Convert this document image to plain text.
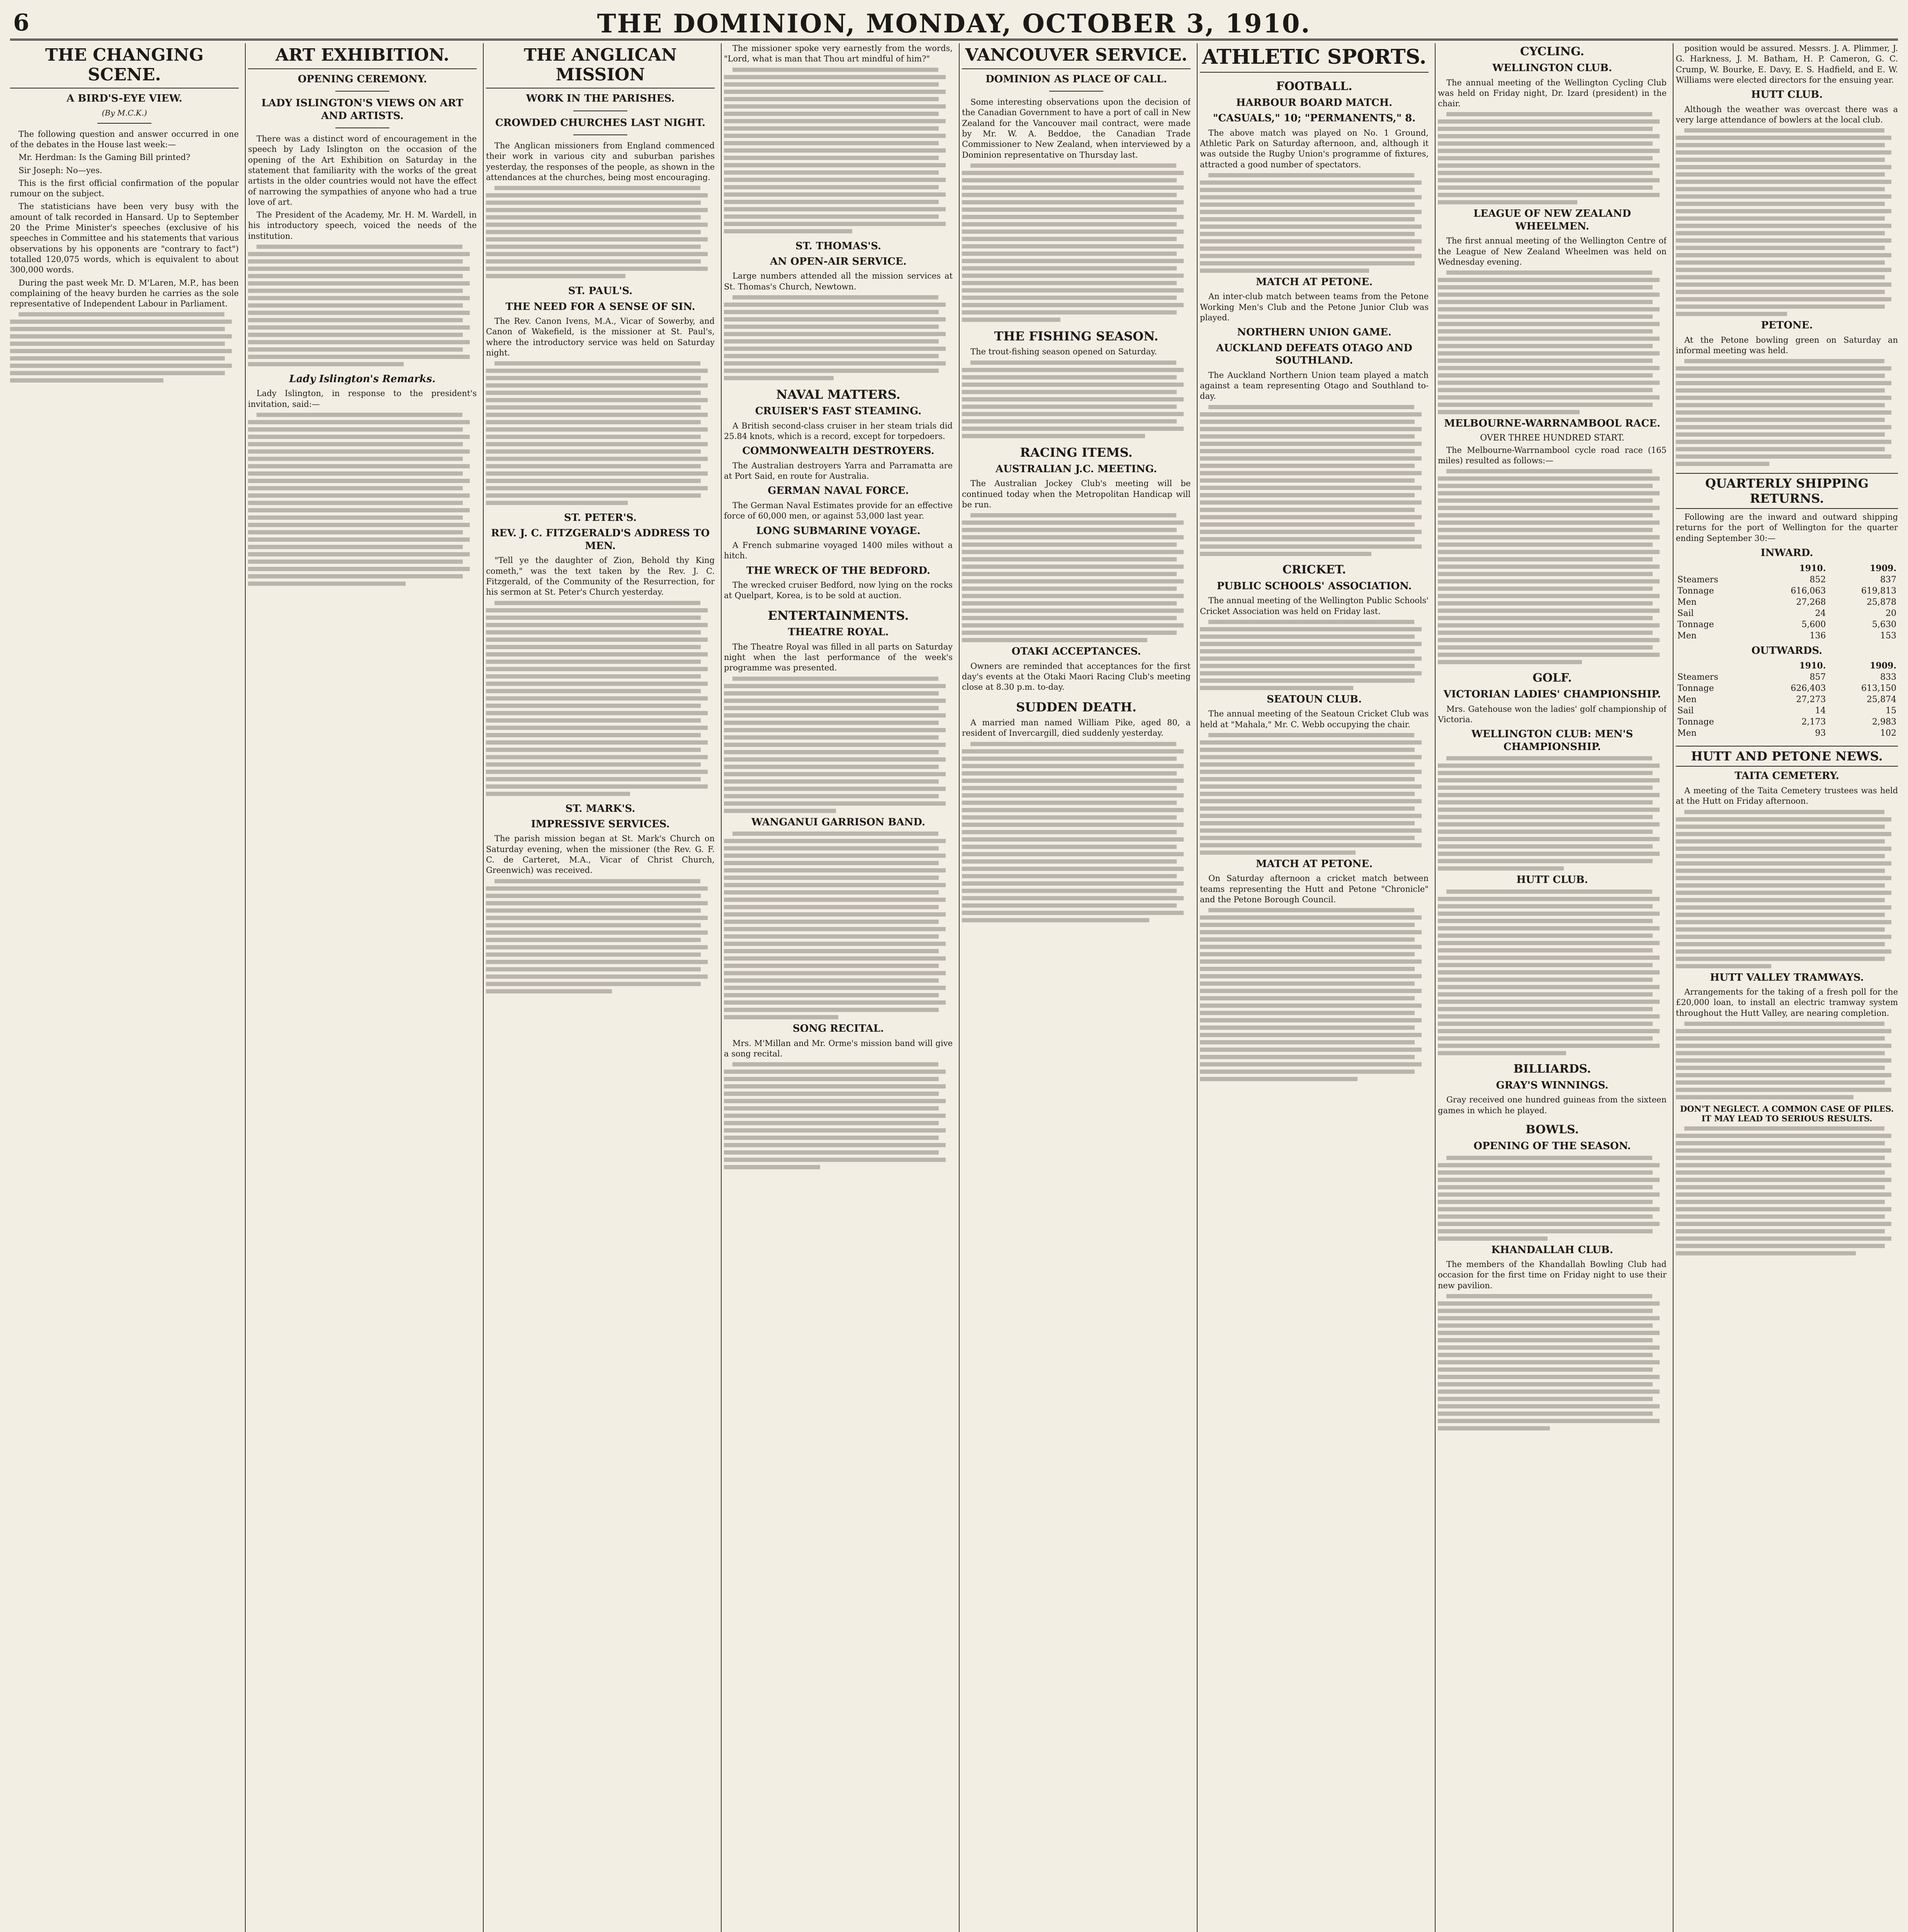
6	THE DOMINION, MONDAY, OCTOBER 3, 1910.
THE CHANGING SCENE.
A BIRD'S-EYE VIEW.
(By M.C.K.)

The following question and answer occurred in one of the debates in the House last week:—

Mr. Herdman: Is the Gaming Bill printed?

Sir Joseph: No—yes.

This is the first official confirmation of the popular rumour on the subject.

The statisticians have been very busy with the amount of talk recorded in Hansard. Up to September 20 the Prime Minister's speeches (exclusive of his speeches in Committee and his statements that various observations by his opponents are "contrary to fact") totalled 120,075 words, which is equivalent to about 300,000 words.

During the past week Mr. D. M'Laren, M.P., has been complaining of the heavy burden he carries as the sole representative of Independent Labour in Parliament.

ART EXHIBITION.
OPENING CEREMONY.
LADY ISLINGTON'S VIEWS ON ART AND ARTISTS.

There was a distinct word of encouragement in the speech by Lady Islington on the occasion of the opening of the Art Exhibition on Saturday in the statement that familiarity with the works of the great artists in the older countries would not have the effect of narrowing the sympathies of anyone who had a true love of art.

The President of the Academy, Mr. H. M. Wardell, in his introductory speech, voiced the needs of the institution.

Lady Islington's Remarks.

Lady Islington, in response to the president's invitation, said:—

THE ANGLICAN MISSION
WORK IN THE PARISHES.
CROWDED CHURCHES LAST NIGHT.

The Anglican missioners from England commenced their work in various city and suburban parishes yesterday, the responses of the people, as shown in the attendances at the churches, being most encouraging.

ST. PAUL'S.
THE NEED FOR A SENSE OF SIN.

The Rev. Canon Ivens, M.A., Vicar of Sowerby, and Canon of Wakefield, is the missioner at St. Paul's, where the introductory service was held on Saturday night.

ST. PETER'S.
REV. J. C. FITZGERALD'S ADDRESS TO MEN.

"Tell ye the daughter of Zion, Behold thy King cometh," was the text taken by the Rev. J. C. Fitzgerald, of the Community of the Resurrection, for his sermon at St. Peter's Church yesterday.

ST. MARK'S.
IMPRESSIVE SERVICES.

The parish mission began at St. Mark's Church on Saturday evening, when the missioner (the Rev. G. F. C. de Carteret, M.A., Vicar of Christ Church, Greenwich) was received.

The missioner spoke very earnestly from the words, "Lord, what is man that Thou art mindful of him?"

ST. THOMAS'S.
AN OPEN-AIR SERVICE.

Large numbers attended all the mission services at St. Thomas's Church, Newtown.

NAVAL MATTERS.
CRUISER'S FAST STEAMING.

A British second-class cruiser in her steam trials did 25.84 knots, which is a record, except for torpedoers.

COMMONWEALTH DESTROYERS.

The Australian destroyers Yarra and Parramatta are at Port Said, en route for Australia.

GERMAN NAVAL FORCE.

The German Naval Estimates provide for an effective force of 60,000 men, or against 53,000 last year.

LONG SUBMARINE VOYAGE.

A French submarine voyaged 1400 miles without a hitch.

THE WRECK OF THE BEDFORD.

The wrecked cruiser Bedford, now lying on the rocks at Quelpart, Korea, is to be sold at auction.

ENTERTAINMENTS.
THEATRE ROYAL.

The Theatre Royal was filled in all parts on Saturday night when the last performance of the week's programme was presented.

WANGANUI GARRISON BAND.
SONG RECITAL.

Mrs. M'Millan and Mr. Orme's mission band will give a song recital.

VANCOUVER SERVICE.
DOMINION AS PLACE OF CALL.

Some interesting observations upon the decision of the Canadian Government to have a port of call in New Zealand for the Vancouver mail contract, were made by Mr. W. A. Beddoe, the Canadian Trade Commissioner to New Zealand, when interviewed by a Dominion representative on Thursday last.

THE FISHING SEASON.

The trout-fishing season opened on Saturday.

RACING ITEMS.
AUSTRALIAN J.C. MEETING.

The Australian Jockey Club's meeting will be continued today when the Metropolitan Handicap will be run.

OTAKI ACCEPTANCES.

Owners are reminded that acceptances for the first day's events at the Otaki Maori Racing Club's meeting close at 8.30 p.m. to-day.

SUDDEN DEATH.

A married man named William Pike, aged 80, a resident of Invercargill, died suddenly yesterday.

ATHLETIC SPORTS.
FOOTBALL.
HARBOUR BOARD MATCH.
"CASUALS," 10; "PERMANENTS," 8.

The above match was played on No. 1 Ground, Athletic Park on Saturday afternoon, and, although it was outside the Rugby Union's programme of fixtures, attracted a good number of spectators.

MATCH AT PETONE.

An inter-club match between teams from the Petone Working Men's Club and the Petone Junior Club was played.

NORTHERN UNION GAME.
AUCKLAND DEFEATS OTAGO AND SOUTHLAND.

The Auckland Northern Union team played a match against a team representing Otago and Southland to-day.

CRICKET.
PUBLIC SCHOOLS' ASSOCIATION.

The annual meeting of the Wellington Public Schools' Cricket Association was held on Friday last.

SEATOUN CLUB.

The annual meeting of the Seatoun Cricket Club was held at "Mahala," Mr. C. Webb occupying the chair.

MATCH AT PETONE.

On Saturday afternoon a cricket match between teams representing the Hutt and Petone "Chronicle" and the Petone Borough Council.

CYCLING.
WELLINGTON CLUB.

The annual meeting of the Wellington Cycling Club was held on Friday night, Dr. Izard (president) in the chair.

LEAGUE OF NEW ZEALAND WHEELMEN.

The first annual meeting of the Wellington Centre of the League of New Zealand Wheelmen was held on Wednesday evening.

MELBOURNE-WARRNAMBOOL RACE.
OVER THREE HUNDRED START.

The Melbourne-Warrnambool cycle road race (165 miles) resulted as follows:—

GOLF.
VICTORIAN LADIES' CHAMPIONSHIP.

Mrs. Gatehouse won the ladies' golf championship of Victoria.

WELLINGTON CLUB: MEN'S CHAMPIONSHIP.
HUTT CLUB.
BILLIARDS.
GRAY'S WINNINGS.

Gray received one hundred guineas from the sixteen games in which he played.

BOWLS.
OPENING OF THE SEASON.
KHANDALLAH CLUB.

The members of the Khandallah Bowling Club had occasion for the first time on Friday night to use their new pavilion.

position would be assured. Messrs. J. A. Plimmer, J. G. Harkness, J. M. Batham, H. P. Cameron, G. C. Crump, W. Bourke, E. Davy, E. S. Hadfield, and E. W. Williams were elected directors for the ensuing year.

HUTT CLUB.

Although the weather was overcast there was a very large attendance of bowlers at the local club.

PETONE.

At the Petone bowling green on Saturday an informal meeting was held.

QUARTERLY SHIPPING RETURNS.

Following are the inward and outward shipping returns for the port of Wellington for the quarter ending September 30:—

INWARD.
	1910.	1909.
Steamers	852	837
Tonnage	616,063	619,813
Men	27,268	25,878
Sail	24	20
Tonnage	5,600	5,630
Men	136	153
OUTWARDS.
	1910.	1909.
Steamers	857	833
Tonnage	626,403	613,150
Men	27,273	25,874
Sail	14	15
Tonnage	2,173	2,983
Men	93	102
HUTT AND PETONE NEWS.
TAITA CEMETERY.

A meeting of the Taita Cemetery trustees was held at the Hutt on Friday afternoon.

HUTT VALLEY TRAMWAYS.

Arrangements for the taking of a fresh poll for the £20,000 loan, to install an electric tramway system throughout the Hutt Valley, are nearing completion.

DON'T NEGLECT. A COMMON CASE OF PILES. IT MAY LEAD TO SERIOUS RESULTS.
